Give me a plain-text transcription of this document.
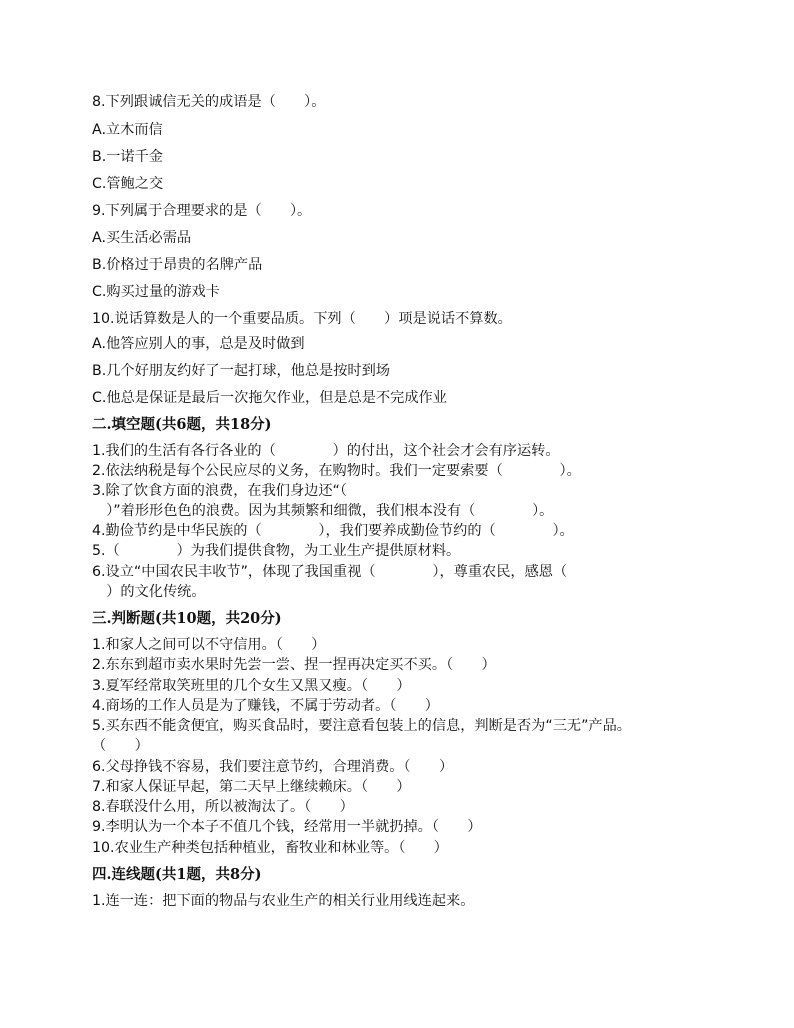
8.下列跟诚信无关的成语是（　　）。
A.立木而信
B.一诺千金
C.管鲍之交
9.下列属于合理要求的是（　　）。
A.买生活必需品
B.价格过于昂贵的名牌产品
C.购买过量的游戏卡
10.说话算数是人的一个重要品质。下列（　　）项是说话不算数。
A.他答应别人的事，总是及时做到
B.几个好朋友约好了一起打球，他总是按时到场
C.他总是保证是最后一次拖欠作业，但是总是不完成作业
二.填空题(共6题，共18分)
1.我们的生活有各行各业的（　　　　）的付出，这个社会才会有序运转。
2.依法纳税是每个公民应尽的义务，在购物时。我们一定要索要（　　　　）。
3.除了饮食方面的浪费，在我们身边还“（
　）”着形形色色的浪费。因为其频繁和细微，我们根本没有（　　　　）。
4.勤俭节约是中华民族的（　　　　），我们要养成勤俭节约的（　　　　）。
5.（　　　　）为我们提供食物，为工业生产提供原材料。
6.设立“中国农民丰收节”，体现了我国重视（　　　　），尊重农民，感恩（
　）的文化传统。
三.判断题(共10题，共20分)
1.和家人之间可以不守信用。（　　）
2.东东到超市卖水果时先尝一尝、捏一捏再决定买不买。（　　）
3.夏军经常取笑班里的几个女生又黑又瘦。（　　）
4.商场的工作人员是为了赚钱，不属于劳动者。（　　）
5.买东西不能贪便宜，购买食品时，要注意看包装上的信息，判断是否为“三无”产品。
（　　）
6.父母挣钱不容易，我们要注意节约，合理消费。（　　）
7.和家人保证早起，第二天早上继续赖床。（　　）
8.春联没什么用，所以被淘汰了。（　　）
9.李明认为一个本子不值几个钱，经常用一半就扔掉。（　　）
10.农业生产种类包括种植业，畜牧业和林业等。（　　）
四.连线题(共1题，共8分)
1.连一连：把下面的物品与农业生产的相关行业用线连起来。
